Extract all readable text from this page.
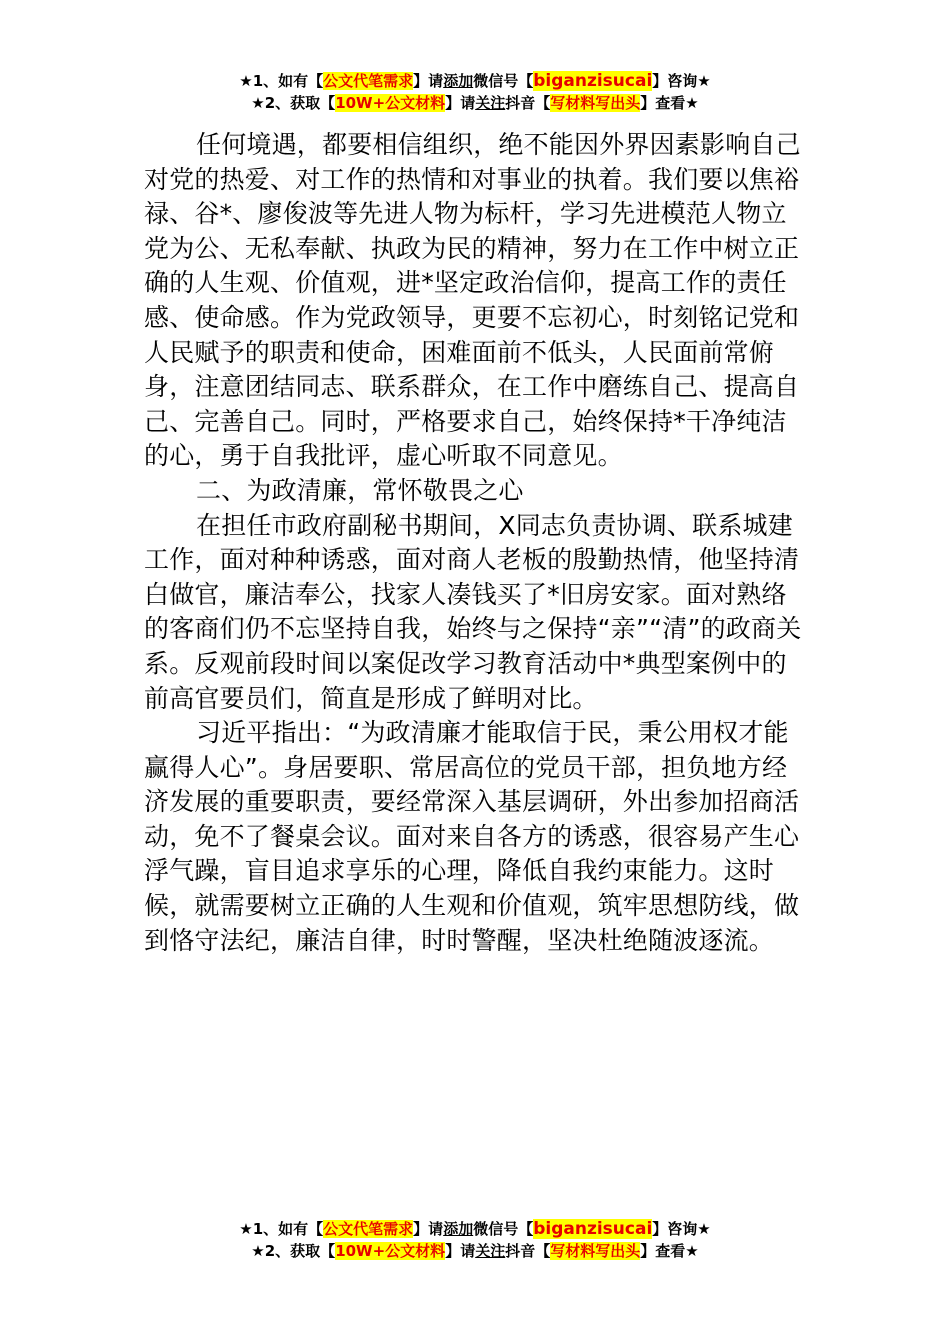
★1、如有【公文代笔需求】请添加微信号【biganzisucai】咨询★
★2、获取【10W+公文材料】请关注抖音【写材料写出头】查看★

任何境遇，都要相信组织，绝不能因外界因素影响自己对党的热爱、对工作的热情和对事业的执着。我们要以焦裕禄、谷*、廖俊波等先进人物为标杆，学习先进模范人物立党为公、无私奉献、执政为民的精神，努力在工作中树立正确的人生观、价值观，进*坚定政治信仰，提高工作的责任感、使命感。作为党政领导，更要不忘初心，时刻铭记党和人民赋予的职责和使命，困难面前不低头，人民面前常俯身，注意团结同志、联系群众，在工作中磨练自己、提高自己、完善自己。同时，严格要求自己，始终保持*干净纯洁的心，勇于自我批评，虚心听取不同意见。

二、为政清廉，常怀敬畏之心

在担任市政府副秘书期间，X同志负责协调、联系城建工作，面对种种诱惑，面对商人老板的殷勤热情，他坚持清白做官，廉洁奉公，找家人凑钱买了*旧房安家。面对熟络的客商们仍不忘坚持自我，始终与之保持“亲”“清”的政商关系。反观前段时间以案促改学习教育活动中*典型案例中的前高官要员们，简直是形成了鲜明对比。

习近平指出：“为政清廉才能取信于民，秉公用权才能赢得人心”。身居要职、常居高位的党员干部，担负地方经济发展的重要职责，要经常深入基层调研，外出参加招商活动，免不了餐桌会议。面对来自各方的诱惑，很容易产生心浮气躁，盲目追求享乐的心理，降低自我约束能力。这时候，就需要树立正确的人生观和价值观，筑牢思想防线，做到恪守法纪，廉洁自律，时时警醒，坚决杜绝随波逐流。

★1、如有【公文代笔需求】请添加微信号【biganzisucai】咨询★
★2、获取【10W+公文材料】请关注抖音【写材料写出头】查看★
